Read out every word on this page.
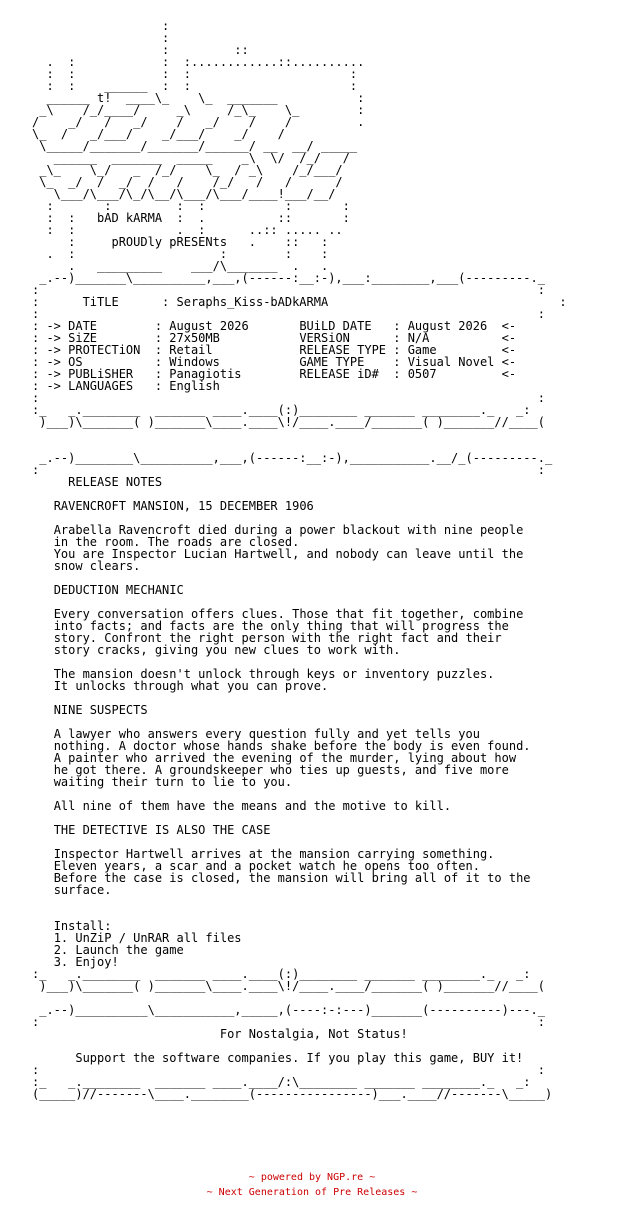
:
:
:         ::
.  :            :  :............::..........
:  :            :  :                      :
:  :    ______  :  :                      :
______ t!  ____\_    \_  _______           :
_\    /_/____/     _\     /_\_    \_        :
/    _/   /   _/    /   _/    /    /         .
\_  /   _/___/    _/___/    _/    /
\_____/_______/_______/______/ __  __/ _____
______  _______  _____    _\  \/  /_/   /
_\_    \_/   _  /_/    \_  / _\    /_/___/
\_  _/  /  _/  /   /    /_/   /   /      /
\___/\___/\_/\__/\___/\___/____!___/__/
:       :         :  :           :       :
:  :   bAD kARMA  :  .          ::       :
:  :              .  :      ..:: ..... ..
:     pROUDly pRESENts   .    ::   :
.  :                    :        :    :
.   _________    ___/\_______  .   .
_.--)_______\__________,___,(------:__:-),___:________,___(---------._
:                                                                     :
:      TiTLE      : Seraphs_Kiss-bADkARMA                                :
:                                                                     :
: -> DATE        : August 2026       BUiLD DATE   : August 2026  <-
: -> SiZE        : 27x50MB           VERSiON      : N/A          <-
: -> PROTECTiON  : Retail            RELEASE TYPE : Game         <-
: -> OS          : Windows           GAME TYPE    : Visual Novel <-
: -> PUBLiSHER   : Panagiotis        RELEASE iD#  : 0507         <-
: -> LANGUAGES   : English
:                                                                     :
:_   _.________  _______ ____.____(:)________ _______ ________._   _:
)___)\_______( )_______\____.____\!/____.____/_______( )_______//____(
_.--)________\__________,___,(------:__:-),___________.__/_(---------._
:                                                                     :
RELEASE NOTES

RAVENCROFT MANSION, 15 DECEMBER 1906

Arabella Ravencroft died during a power blackout with nine people
in the room. The roads are closed.
You are Inspector Lucian Hartwell, and nobody can leave until the
snow clears.

DEDUCTION MECHANIC

Every conversation offers clues. Those that fit together, combine
into facts; and facts are the only thing that will progress the
story. Confront the right person with the right fact and their
story cracks, giving you new clues to work with.

The mansion doesn't unlock through keys or inventory puzzles.
It unlocks through what you can prove.

NINE SUSPECTS

A lawyer who answers every question fully and yet tells you
nothing. A doctor whose hands shake before the body is even found.
A painter who arrived the evening of the murder, lying about how
he got there. A groundskeeper who ties up guests, and five more
waiting their turn to lie to you.

All nine of them have the means and the motive to kill.

THE DETECTIVE IS ALSO THE CASE

Inspector Hartwell arrives at the mansion carrying something.
Eleven years, a scar and a pocket watch he opens too often.
Before the case is closed, the mansion will bring all of it to the
surface.

Install:
1. UnZiP / UnRAR all files
2. Launch the game
3. Enjoy!
:_   _.________  _______ ____.____(:)________ _______ ________._   _:
)___)\_______( )_______\____.____\!/____.____/_______( )_______//____(
_.--)__________\___________,_____,(----:-:---)_______(----------)---._
:                                                                     :
For Nostalgia, Not Status!

Support the software companies. If you play this game, BUY it!
:                                                                     :
:_   _.________  _______ ____.____/:\________ _______ ________._   _:
(_____)//-------\____.________(----------------)___.____//-------\_____)
~ powered by NGP.re ~
~ Next Generation of Pre Releases ~
